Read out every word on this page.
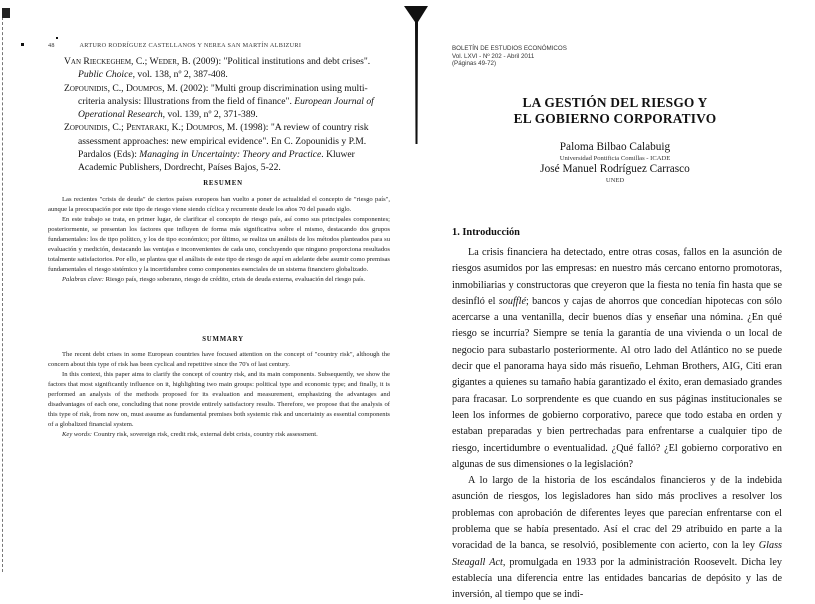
48	ARTURO RODRÍGUEZ CASTELLANOS Y NEREA SAN MARTÍN ALBIZURI

Van Rieckeghem, C.; Weder, B. (2009): "Political institutions and debt crises". Public Choice, vol. 138, nº 2, 387-408.

Zopounidis, C., Doumpos, M. (2002): "Multi group discrimination using multi-criteria analysis: Illustrations from the field of finance". European Journal of Operational Research, vol. 139, nº 2, 371-389.

Zopounidis, C.; Pentaraki, K.; Doumpos, M. (1998): "A review of country risk assessment approaches: new empirical evidence". En C. Zopounidis y P.M. Pardalos (Eds): Managing in Uncertainty: Theory and Practice. Kluwer Academic Publishers, Dordrecht, Países Bajos, 5-22.

RESUMEN

Las recientes "crisis de deuda" de ciertos países europeos han vuelto a poner de actualidad el concepto de "riesgo país", aunque la preocupación por este tipo de riesgo viene siendo cíclica y recurrente desde los años 70 del pasado siglo.

En este trabajo se trata, en primer lugar, de clarificar el concepto de riesgo país, así como sus principales componentes; posteriormente, se presentan los factores que influyen de forma más significativa sobre el mismo, destacando dos grupos fundamentales: los de tipo político, y los de tipo económico; por último, se realiza un análisis de los métodos planteados para su evaluación y medición, destacando las ventajas e inconvenientes de cada uno, concluyendo que ninguno proporciona resultados totalmente satisfactorios. Por ello, se plantea que el análisis de este tipo de riesgo de aquí en adelante debe asumir como premisas fundamentales el riesgo sistémico y la incertidumbre como componentes esenciales de un sistema financiero globalizado.

Palabras clave: Riesgo país, riesgo soberano, riesgo de crédito, crisis de deuda externa, evaluación del riesgo país.

SUMMARY

The recent debt crises in some European countries have focused attention on the concept of "country risk", although the concern about this type of risk has been cyclical and repetitive since the 70's of last century.

In this context, this paper aims to clarify the concept of country risk, and its main components. Subsequently, we show the factors that most significantly influence on it, highlighting two main groups: political type and economic type; and finally, it is performed an analysis of the methods proposed for its evaluation and measurement, emphasizing the advantages and disadvantages of each one, concluding that none provide entirely satisfactory results. Therefore, we propose that the analysis of this type of risk, from now on, must assume as fundamental premises both systemic risk and uncertainty as essential components of a globalized financial system.

Key words: Country risk, sovereign risk, credit risk, external debt crisis, country risk assessment.

BOLETÍN DE ESTUDIOS ECONÓMICOS
Vol. LXVI - Nº 202 - Abril 2011
(Páginas 49-72)
LA GESTIÓN DEL RIESGO Y
EL GOBIERNO CORPORATIVO
Paloma Bilbao Calabuig
Universidad Pontificia Comillas - ICADE
José Manuel Rodríguez Carrasco
UNED
1. Introducción

La crisis financiera ha detectado, entre otras cosas, fallos en la asunción de riesgos asumidos por las empresas: en nuestro más cercano entorno promotoras, inmobiliarias y constructoras que creyeron que la fiesta no tenía fin hasta que se desinfló el soufflé; bancos y cajas de ahorros que concedían hipotecas con sólo acercarse a una ventanilla, decir buenos días y enseñar una nómina. ¿En qué riesgo se incurría? Siempre se tenía la garantía de una vivienda o un local de negocio para subastarlo posteriormente. Al otro lado del Atlántico no se puede decir que el panorama haya sido más risueño, Lehman Brothers, AIG, Citi eran gigantes a quienes su tamaño había garantizado el éxito, eran demasiado grandes para fracasar. Lo sorprendente es que cuando en sus páginas institucionales se leen los informes de gobierno corporativo, parece que todo estaba en orden y estaban preparadas y bien pertrechadas para enfrentarse a cualquier tipo de riesgo, incertidumbre o eventualidad. ¿Qué falló? ¿El gobierno corporativo en algunas de sus dimensiones o la legislación?

A lo largo de la historia de los escándalos financieros y de la indebida asunción de riesgos, los legisladores han sido más proclives a resolver los problemas con aprobación de diferentes leyes que parecían enfrentarse con el problema que se había presentado. Así el crac del 29 atribuido en parte a la voracidad de la banca, se resolvió, posiblemente con acierto, con la ley Glass Steagall Act, promulgada en 1933 por la administración Roosevelt. Dicha ley establecía una diferencia entre las entidades bancarias de depósito y las de inversión, al tiempo que se indi-
